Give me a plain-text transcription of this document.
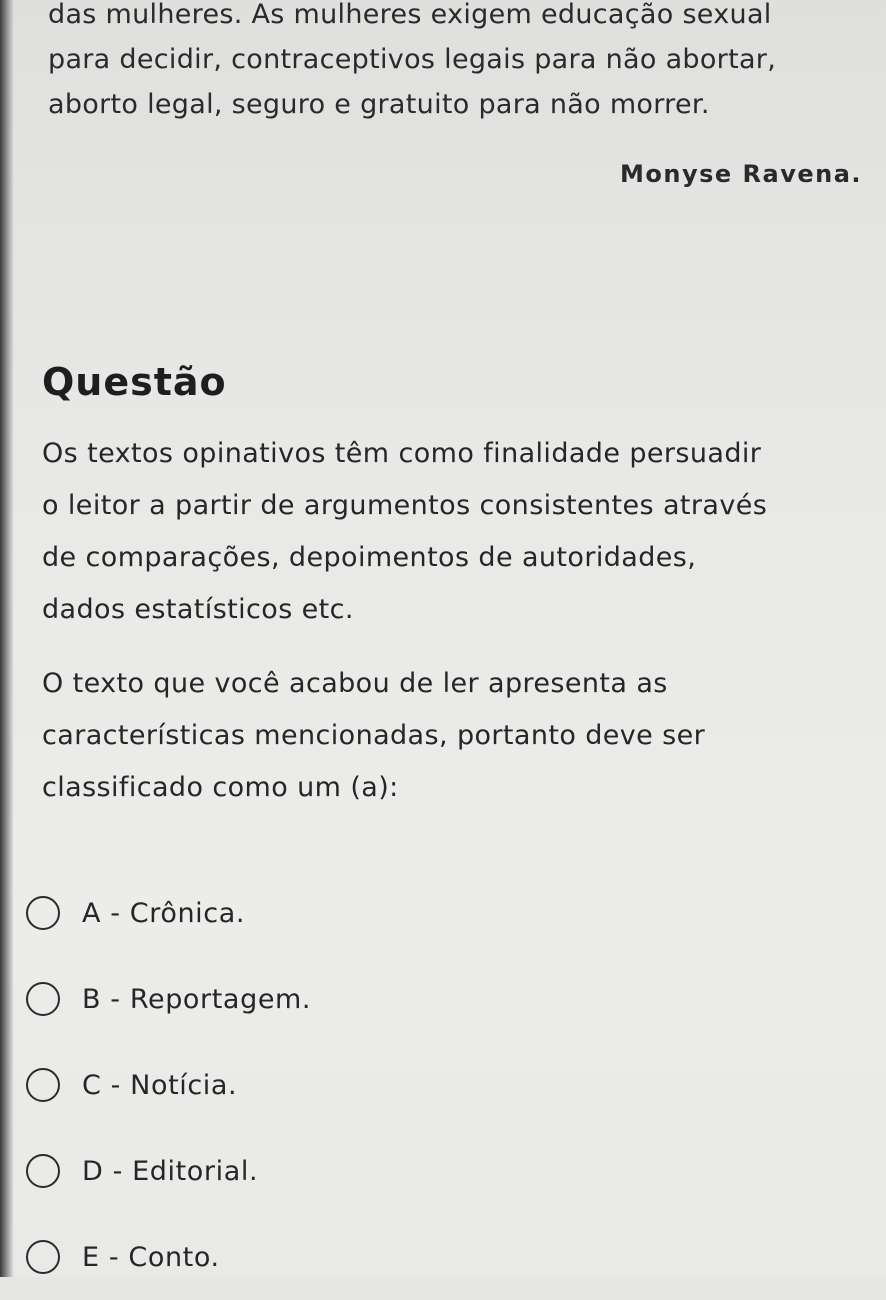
das mulheres. As mulheres exigem educação sexual
para decidir, contraceptivos legais para não abortar,
aborto legal, seguro e gratuito para não morrer.
Monyse Ravena.
Questão
Os textos opinativos têm como finalidade persuadir
o leitor a partir de argumentos consistentes através
de comparações, depoimentos de autoridades,
dados estatísticos etc.
O texto que você acabou de ler apresenta as
características mencionadas, portanto deve ser
classificado como um (a):
A - Crônica.
B - Reportagem.
C - Notícia.
D - Editorial.
E - Conto.
